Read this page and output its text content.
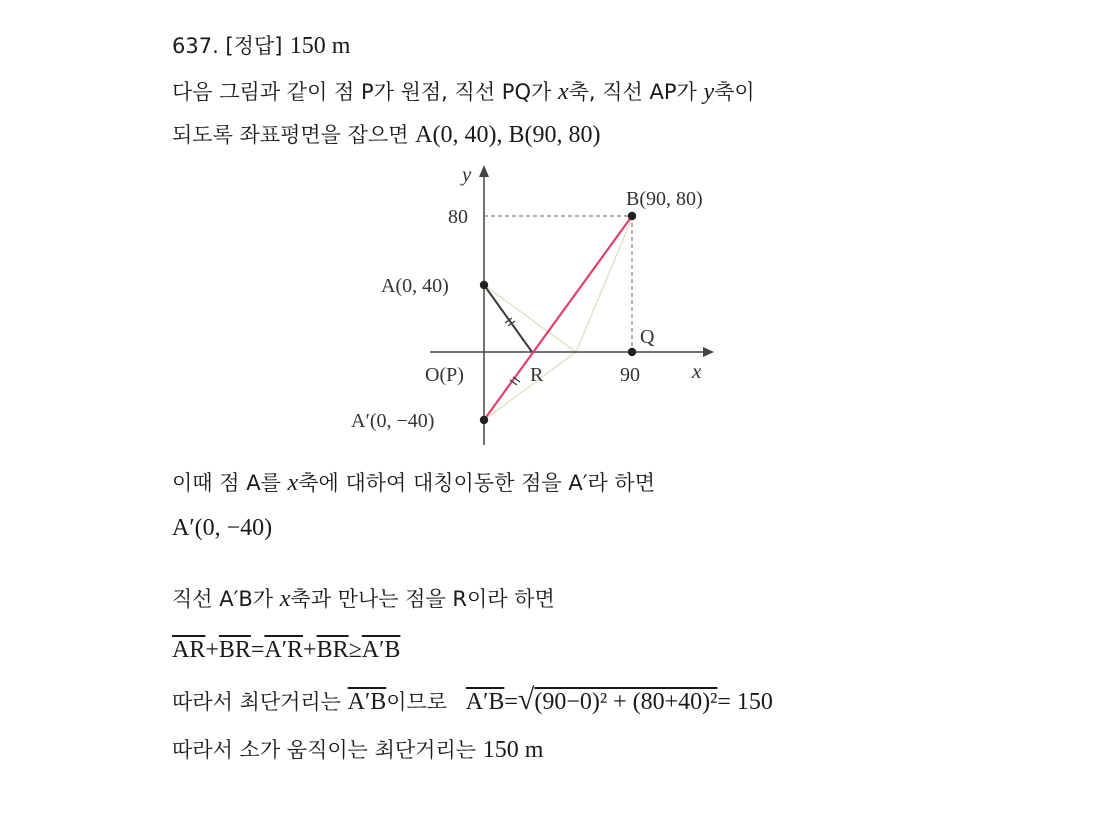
637. [정답] 150 m
다음 그림과 같이 점 P가 원점, 직선 PQ가 x축, 직선 AP가 y축이
되도록 좌표평면을 잡으면 A(0, 40), B(90, 80)
y
x
80
90
B(90, 80)
A(0, 40)
A′(0, −40)
O(P)	R
Q
이때 점 A를 x축에 대하여 대칭이동한 점을 A′라 하면
A′(0, −40)
직선 A′B가 x축과 만나는 점을 R이라 하면
$\overline{AR}+\overline{BR}=A'R+\overline{BR}\ge A'B$
따라서 최단거리는 A′B이므로 A′B=√(90−0)² + (80+40)²= 150
따라서 소가 움직이는 최단거리는 150 m
